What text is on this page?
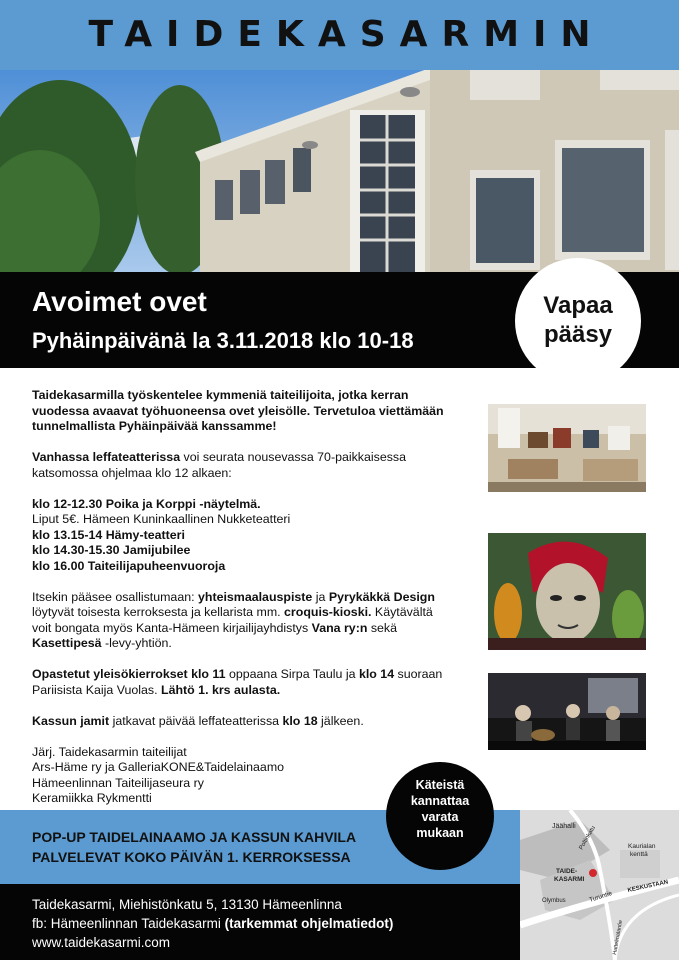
TAIDEKASARMIN
Avoimet ovet
Pyhäinpäivänä la 3.11.2018 klo 10-18
Vapaa
pääsy

Taidekasarmilla työskentelee kymmeniä taiteilijoita, jotka kerran vuodessa avaavat työhuoneensa ovet yleisölle. Tervetuloa viettämään tunnelmallista Pyhäinpäivää kanssamme!

Vanhassa leffateatterissa voi seurata nousevassa 70-paikkaisessa katsomossa ohjelmaa klo 12 alkaen:

klo 12-12.30 Poika ja Korppi -näytelmä.
Liput 5€. Hämeen Kuninkaallinen Nukketeatteri
klo 13.15-14 Hämy-teatteri
klo 14.30-15.30 Jamijubilee
klo 16.00 Taiteilijapuheenvuoroja

Itsekin pääsee osallistumaan: yhteismaalauspiste ja Pyrykäkkä Design löytyvät toisesta kerroksesta ja kellarista mm. croquis-kioski. Käytävältä voit bongata myös Kanta-Hämeen kirjailijayhdistys Vana ry:n sekä Kasettipesä -levy-yhtiön.

Opastetut yleisökierrokset klo 11 oppaana Sirpa Taulu ja klo 14 suoraan Pariisista Kaija Vuolas. Lähtö 1. krs aulasta.

Kassun jamit jatkavat päivää leffateatterissa klo 18 jälkeen.

Järj. Taidekasarmin taiteilijat
Ars-Häme ry ja GalleriaKONE&Taidelainaamo
Hämeenlinnan Taiteilijaseura ry
Keramiikka Rykmentti

Käteistä
kannattaa
varata
mukaan

POP-UP TAIDELAINAAMO JA KASSUN KAHVILA

PALVELEVAT KOKO PÄIVÄN 1. KERROKSESSA

Jäähalli Poltinkatu	Kaurialan
kenttä
TAIDE-
KASARMI
Turuntie
Olymbus
KESKUSTAAN
Hattelmalantie

Taidekasarmi, Miehistönkatu 5, 13130 Hämeenlinna

fb: Hämeenlinnan Taidekasarmi (tarkemmat ohjelmatiedot)

www.taidekasarmi.com
